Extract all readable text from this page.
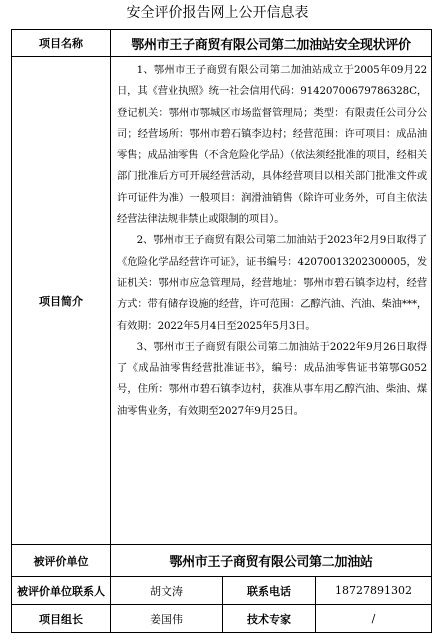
安全评价报告网上公开信息表
项目名称	鄂州市王子商贸有限公司第二加油站安全现状评价		
项目简介	1、鄂州市王子商贸有限公司第二加油站成立于2005年09月22日，其《营业执照》统一社会信用代码：91420700679786328C，登记机关：鄂州市鄂城区市场监督管理局；类型：有限责任公司分公司；经营场所：鄂州市碧石镇李边村；经营范围：许可项目：成品油零售；成品油零售（不含危险化学品）（依法须经批准的项目，经相关部门批准后方可开展经营活动，具体经营项目以相关部门批准文件或许可证件为准）一般项目：润滑油销售（除许可业务外，可自主依法经营法律法规非禁止或限制的项目）。

2、鄂州市王子商贸有限公司第二加油站于2023年2月9日取得了《危险化学品经营许可证》，证书编号：42070013202300005，发证机关：鄂州市应急管理局，经营地址：鄂州市碧石镇李边村，经营方式：带有储存设施的经营，许可范围：乙醇汽油、汽油、柴油***，有效期：2022年5月4日至2025年5月3日。

3、鄂州市王子商贸有限公司第二加油站于2022年9月26日取得了《成品油零售经营批准证书》，编号：成品油零售证书第鄂G052号，住所：鄂州市碧石镇李边村，获准从事车用乙醇汽油、柴油、煤油零售业务，有效期至2027年9月25日。		

被评价单位	鄂州市王子商贸有限公司第二加油站		
被评价单位联系人	胡文涛	联系电话	18727891302
项目组长	姜国伟	技术专家	/
